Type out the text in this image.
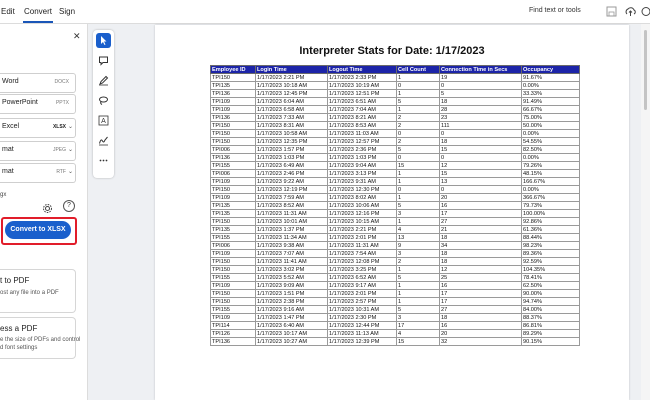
Edit Convert Sign	Find text or tools
✕
Word	DOCX
PowerPoint	PPTX
Excel	XLSX ⌄
mat	JPEG ⌄
mat	RTF ⌄
gx
?
Convert to XLSX
t to PDF
ost any file into a PDF
ess a PDF
e the size of PDFs and control
d font settings
A
Interpreter Stats for Date: 1/17/2023
Employee ID	Login Time	Logout Time	Cell Count	Connection Time in Secs	Occupancy
TPI150	1/17/2023 2:21 PM	1/17/2023 2:33 PM	1	19	91.67%
TPI135	1/17/2023 10:18 AM	1/17/2023 10:19 AM	0	0	0.00%
TPI136	1/17/2023 12:45 PM	1/17/2023 12:51 PM	1	5	33.33%
TPI109	1/17/2023 6:04 AM	1/17/2023 6:51 AM	5	18	91.49%
TPI109	1/17/2023 6:58 AM	1/17/2023 7:04 AM	1	28	66.67%
TPI136	1/17/2023 7:33 AM	1/17/2023 8:21 AM	2	23	75.00%
TPI150	1/17/2023 8:31 AM	1/17/2023 8:53 AM	2	111	50.00%
TPI150	1/17/2023 10:58 AM	1/17/2023 11:03 AM	0	0	0.00%
TPI150	1/17/2023 12:35 PM	1/17/2023 12:57 PM	2	18	54.55%
TPI006	1/17/2023 1:57 PM	1/17/2023 2:36 PM	5	15	82.50%
TPI136	1/17/2023 1:03 PM	1/17/2023 1:03 PM	0	0	0.00%
TPI155	1/17/2023 6:49 AM	1/17/2023 9:04 AM	15	12	79.26%
TPI006	1/17/2023 2:46 PM	1/17/2023 3:13 PM	1	15	48.15%
TPI109	1/17/2023 9:22 AM	1/17/2023 9:31 AM	1	13	166.67%
TPI150	1/17/2023 12:19 PM	1/17/2023 12:30 PM	0	0	0.00%
TPI109	1/17/2023 7:59 AM	1/17/2023 8:02 AM	1	20	366.67%
TPI135	1/17/2023 8:52 AM	1/17/2023 10:06 AM	5	16	79.73%
TPI135	1/17/2023 11:31 AM	1/17/2023 12:16 PM	3	17	100.00%
TPI150	1/17/2023 10:01 AM	1/17/2023 10:15 AM	1	27	92.86%
TPI135	1/17/2023 1:37 PM	1/17/2023 2:21 PM	4	21	61.36%
TPI155	1/17/2023 11:34 AM	1/17/2023 2:01 PM	13	18	88.44%
TPI006	1/17/2023 9:38 AM	1/17/2023 11:31 AM	9	34	98.23%
TPI109	1/17/2023 7:07 AM	1/17/2023 7:54 AM	3	18	89.36%
TPI150	1/17/2023 11:41 AM	1/17/2023 12:08 PM	2	18	92.59%
TPI150	1/17/2023 3:02 PM	1/17/2023 3:25 PM	1	12	104.35%
TPI155	1/17/2023 5:52 AM	1/17/2023 6:52 AM	5	25	78.41%
TPI109	1/17/2023 9:09 AM	1/17/2023 9:17 AM	1	16	62.50%
TPI150	1/17/2023 1:51 PM	1/17/2023 2:01 PM	1	17	90.00%
TPI150	1/17/2023 2:38 PM	1/17/2023 2:57 PM	1	17	94.74%
TPI155	1/17/2023 9:16 AM	1/17/2023 10:31 AM	5	27	84.00%
TPI109	1/17/2023 1:47 PM	1/17/2023 2:30 PM	3	18	88.37%
TPI114	1/17/2023 6:40 AM	1/17/2023 12:44 PM	17	16	86.81%
TPI126	1/17/2023 10:17 AM	1/17/2023 11:13 AM	4	20	89.29%
TPI136	1/17/2023 10:27 AM	1/17/2023 12:39 PM	15	32	90.15%
